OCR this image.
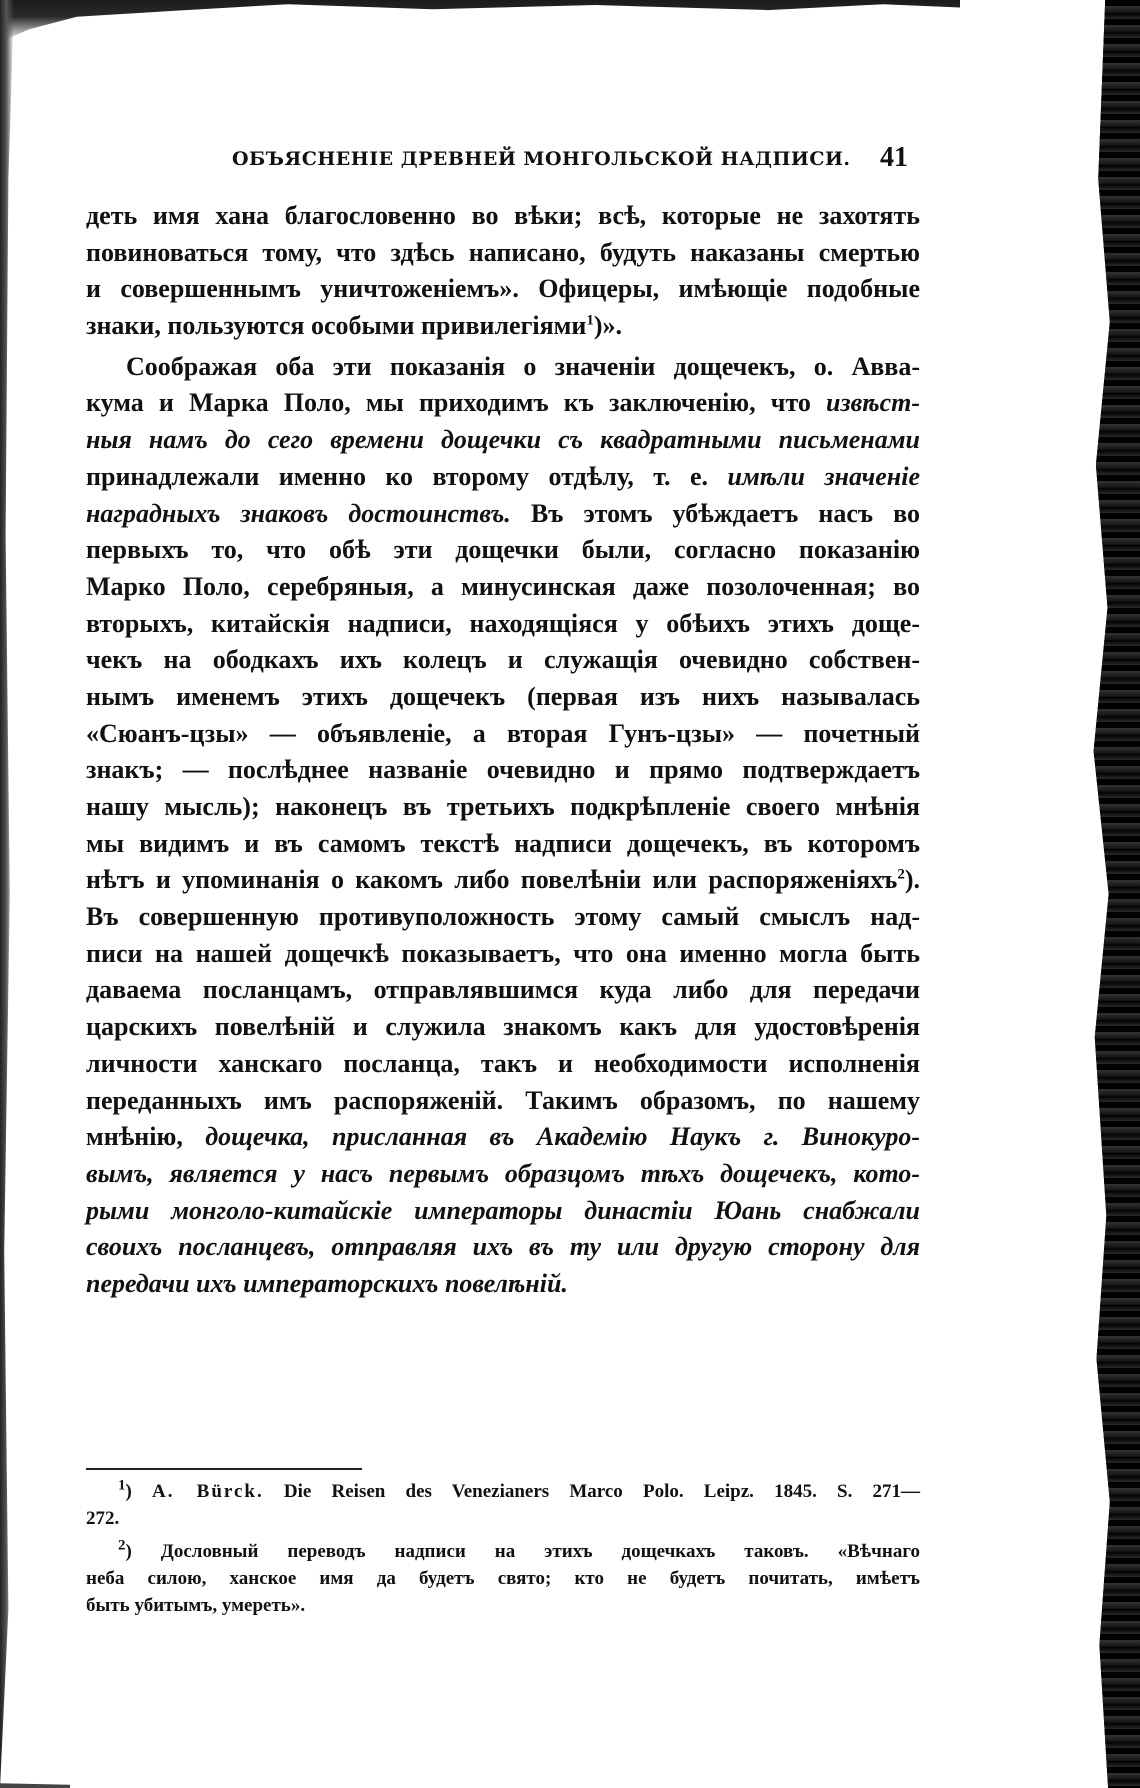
ОБЪЯСНЕНІЕ ДРЕВНЕЙ МОНГОЛЬСКОЙ НАДПИСИ. 41
деть имя хана благословенно во вѣки; всѣ, которые не захотять
повиноваться тому, что здѣсь написано, будуть наказаны смертью
и совершеннымъ уничтоженіемъ». Офицеры, имѣющіе подобные
знаки, пользуются особыми привилегіями$^1$)».
Соображая оба эти показанія о значеніи дощечекъ, о. Авва-
кума и Марка Поло, мы приходимъ къ заключенію, что извѣст-
ныя намъ до сего времени дощечки съ квадратными письменами
принадлежали именно ко второму отдѣлу, т. е. имѣли значеніе
наградныхъ знаковъ достоинствъ. Въ этомъ убѣждаетъ насъ во
первыхъ то, что обѣ эти дощечки были, согласно показанію
Марко Поло, серебряныя, а минусинская даже позолоченная; во
вторыхъ, китайскія надписи, находящіяся у обѣихъ этихъ доще-
чекъ на ободкахъ ихъ колецъ и служащія очевидно собствен-
нымъ именемъ этихъ дощечекъ (первая изъ нихъ называлась
«Сюанъ-цзы» — объявленіе, а вторая Гунъ-цзы» — почетный
знакъ; — послѣднее названіе очевидно и прямо подтверждаетъ
нашу мысль); наконецъ въ третьихъ подкрѣпленіе своего мнѣнія
мы видимъ и въ самомъ текстѣ надписи дощечекъ, въ которомъ
нѣтъ и упоминанія о какомъ либо повелѣніи или распоряженіяхъ$^2$).
Въ совершенную противуположность этому самый смыслъ над-
писи на нашей дощечкѣ показываетъ, что она именно могла быть
даваема посланцамъ, отправлявшимся куда либо для передачи
царскихъ повелѣній и служила знакомъ какъ для удостовѣренія
личности ханскаго посланца, такъ и необходимости исполненія
переданныхъ имъ распоряженій. Такимъ образомъ, по нашему
мнѣнію, дощечка, присланная въ Академію Наукъ г. Винокуро-
вымъ, является у насъ первымъ образцомъ тѣхъ дощечекъ, кото-
рыми монголо-китайскіе императоры династіи Юань снабжали
своихъ посланцевъ, отправляя ихъ въ ту или другую сторону для
передачи ихъ императорскихъ повелѣній.
$^1$) A. Bürck. Die Reisen des Venezianers Marco Polo. Leipz. 1845. S. 271—
272.
$^2$) Дословный переводъ надписи на этихъ дощечкахъ таковъ. «Вѣчнаго
неба силою, ханское имя да будетъ свято; кто не будетъ почитать, имѣетъ
быть убитымъ, умереть».
